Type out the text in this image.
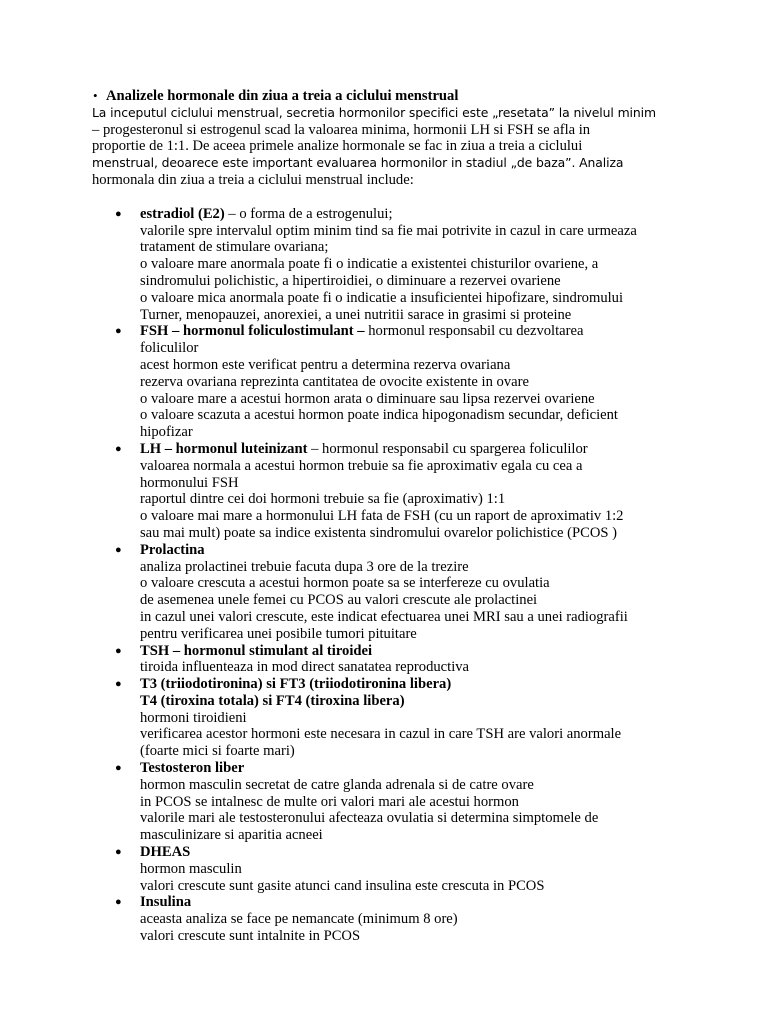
• Analizele hormonale din ziua a treia a ciclului menstrual
La inceputul ciclului menstrual, secretia hormonilor specifici este „resetata” la nivelul minim
– progesteronul si estrogenul scad la valoarea minima, hormonii LH si FSH se afla in
proportie de 1:1. De aceea primele analize hormonale se fac in ziua a treia a ciclului
menstrual, deoarece este important evaluarea hormonilor in stadiul „de baza”. Analiza
hormonala din ziua a treia a ciclului menstrual include:
● estradiol (E2) – o forma de a estrogenului;
valorile spre intervalul optim minim tind sa fie mai potrivite in cazul in care urmeaza
tratament de stimulare ovariana;
o valoare mare anormala poate fi o indicatie a existentei chisturilor ovariene, a
sindromului polichistic, a hipertiroidiei, o diminuare a rezervei ovariene
o valoare mica anormala poate fi o indicatie a insuficientei hipofizare, sindromului
Turner, menopauzei, anorexiei, a unei nutritii sarace in grasimi si proteine
● FSH – hormonul foliculostimulant – hormonul responsabil cu dezvoltarea
foliculilor
acest hormon este verificat pentru a determina rezerva ovariana
rezerva ovariana reprezinta cantitatea de ovocite existente in ovare
o valoare mare a acestui hormon arata o diminuare sau lipsa rezervei ovariene
o valoare scazuta a acestui hormon poate indica hipogonadism secundar, deficient
hipofizar
● LH – hormonul luteinizant – hormonul responsabil cu spargerea foliculilor
valoarea normala a acestui hormon trebuie sa fie aproximativ egala cu cea a
hormonului FSH
raportul dintre cei doi hormoni trebuie sa fie (aproximativ) 1:1
o valoare mai mare a hormonului LH fata de FSH (cu un raport de aproximativ 1:2
sau mai mult) poate sa indice existenta sindromului ovarelor polichistice (PCOS )
● Prolactina
analiza prolactinei trebuie facuta dupa 3 ore de la trezire
o valoare crescuta a acestui hormon poate sa se interfereze cu ovulatia
de asemenea unele femei cu PCOS au valori crescute ale prolactinei
in cazul unei valori crescute, este indicat efectuarea unei MRI sau a unei radiografii
pentru verificarea unei posibile tumori pituitare
● TSH – hormonul stimulant al tiroidei
tiroida influenteaza in mod direct sanatatea reproductiva
● T3 (triiodotironina) si FT3 (triiodotironina libera)
T4 (tiroxina totala) si FT4 (tiroxina libera)
hormoni tiroidieni
verificarea acestor hormoni este necesara in cazul in care TSH are valori anormale
(foarte mici si foarte mari)
● Testosteron liber
hormon masculin secretat de catre glanda adrenala si de catre ovare
in PCOS se intalnesc de multe ori valori mari ale acestui hormon
valorile mari ale testosteronului afecteaza ovulatia si determina simptomele de
masculinizare si aparitia acneei
● DHEAS
hormon masculin
valori crescute sunt gasite atunci cand insulina este crescuta in PCOS
● Insulina
aceasta analiza se face pe nemancate (minimum 8 ore)
valori crescute sunt intalnite in PCOS
